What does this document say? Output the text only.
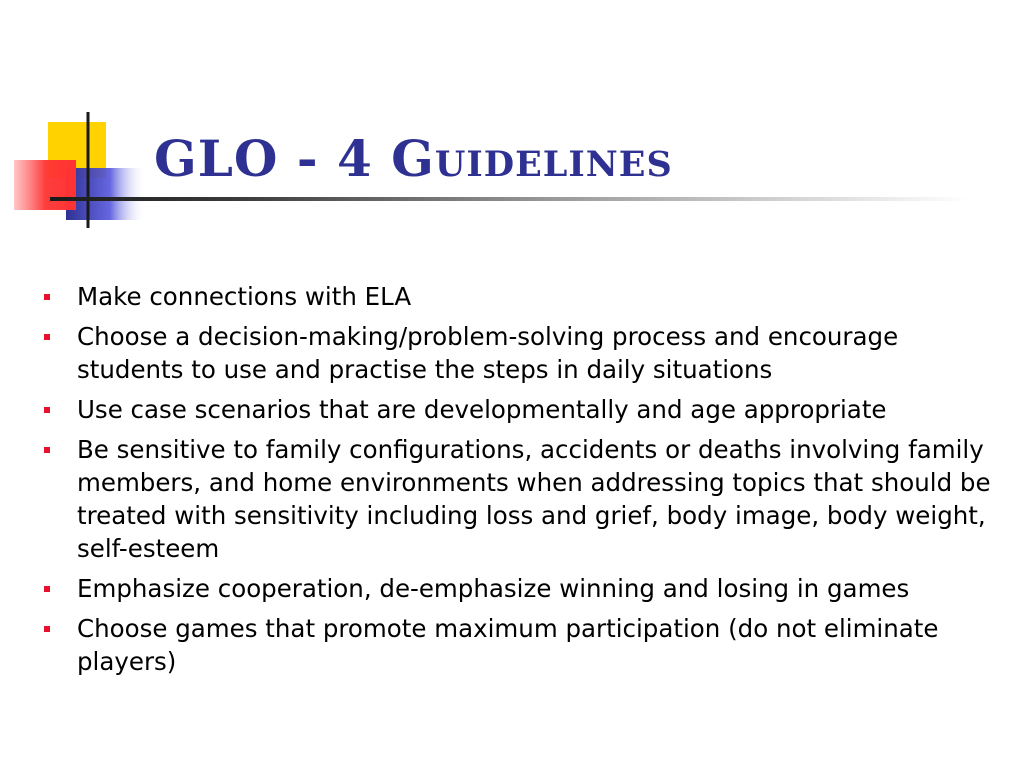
GLO - 4 Guidelines
Make connections with ELA
Choose a decision-making/problem-solving process and encourage students to use and practise the steps in daily situations
Use case scenarios that are developmentally and age appropriate
Be sensitive to family configurations, accidents or deaths involving family members, and home environments when addressing topics that should be treated with sensitivity including loss and grief, body image, body weight, self-esteem
Emphasize cooperation, de-emphasize winning and losing in games
Choose games that promote maximum participation (do not eliminate players)
